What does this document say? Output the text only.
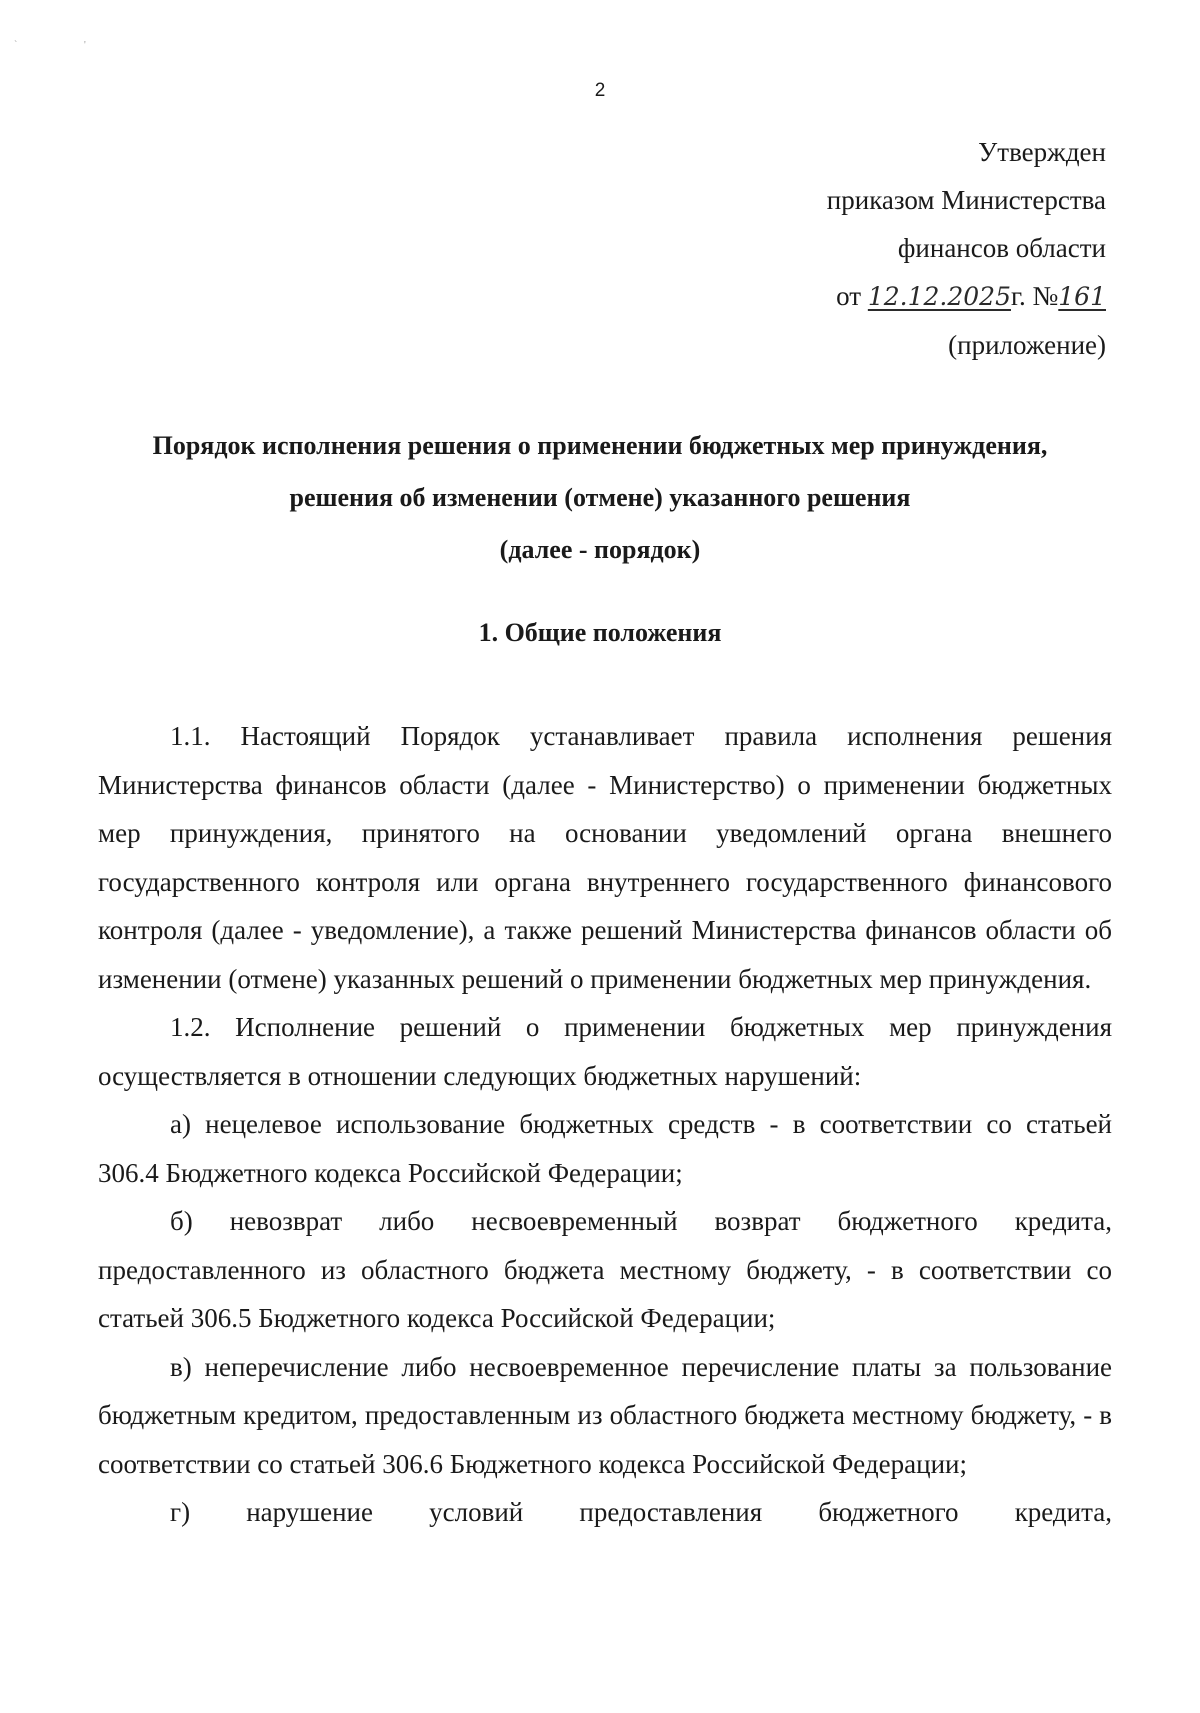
`	'
2
Утвержден
приказом Министерства
финансов области
от 12.12.2025г. №161
(приложение)
Порядок исполнения решения о применении бюджетных мер принуждения,
решения об изменении (отмене) указанного решения
(далее - порядок)
1. Общие положения

1.1. Настоящий Порядок устанавливает правила исполнения решения Министерства финансов области (далее - Министерство) о применении бюджетных мер принуждения, принятого на основании уведомлений органа внешнего государственного контроля или органа внутреннего государственного финансового контроля (далее - уведомление), а также решений Министерства финансов области об изменении (отмене) указанных решений о применении бюджетных мер принуждения.

1.2. Исполнение решений о применении бюджетных мер принуждения осуществляется в отношении следующих бюджетных нарушений:

а) нецелевое использование бюджетных средств - в соответствии со статьей 306.4 Бюджетного кодекса Российской Федерации;

б) невозврат либо несвоевременный возврат бюджетного кредита, предоставленного из областного бюджета местному бюджету, - в соответствии со статьей 306.5 Бюджетного кодекса Российской Федерации;

в) неперечисление либо несвоевременное перечисление платы за пользование бюджетным кредитом, предоставленным из областного бюджета местному бюджету, - в соответствии со статьей 306.6 Бюджетного кодекса Российской Федерации;

г) нарушение условий предоставления бюджетного кредита,
